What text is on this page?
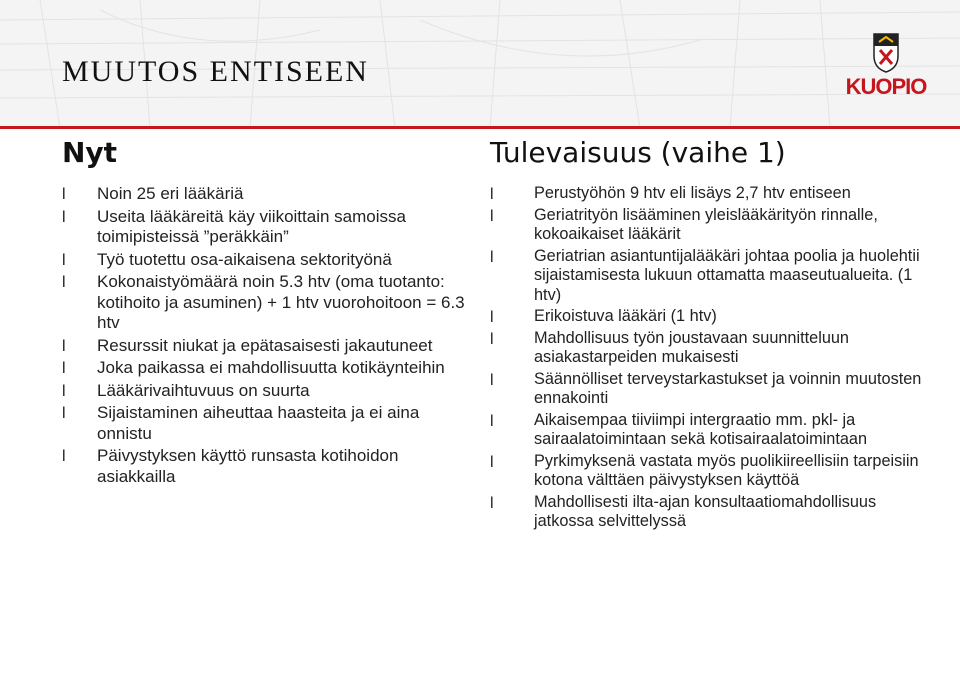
MUUTOS ENTISEEN	KUOPIO
Nyt	Tulevaisuus (vaihe 1)
l Noin 25 eri lääkäriä
l Useita lääkäreitä käy viikoittain samoissa toimipisteissä ”peräkkäin”
l Työ tuotettu osa-aikaisena sektorityönä
l Kokonaistyömäärä noin 5.3 htv (oma tuotanto: kotihoito ja asuminen) + 1 htv vuorohoitoon = 6.3 htv
l Resurssit niukat ja epätasaisesti jakautuneet
l Joka paikassa ei mahdollisuutta kotikäynteihin
l Lääkärivaihtuvuus on suurta
l Sijaistaminen aiheuttaa haasteita ja ei aina onnistu
l Päivystyksen käyttö runsasta kotihoidon asiakkailla
l Perustyöhön 9 htv eli lisäys 2,7 htv entiseen
l Geriatrityön lisääminen yleislääkärityön rinnalle, kokoaikaiset lääkärit
l Geriatrian asiantuntijalääkäri johtaa poolia ja huolehtii sijaistamisesta lukuun ottamatta maaseutualueita. (1 htv)
l Erikoistuva lääkäri (1 htv)
l Mahdollisuus työn joustavaan suunnitteluun asiakastarpeiden mukaisesti
l Säännölliset terveystarkastukset ja voinnin muutosten ennakointi
l Aikaisempaa tiiviimpi intergraatio mm. pkl- ja sairaalatoimintaan sekä kotisairaalatoimintaan
l Pyrkimyksenä vastata myös puolikiireellisiin tarpeisiin kotona välttäen päivystyksen käyttöä
l Mahdollisesti ilta-ajan konsultaatiomahdollisuus jatkossa selvittelyssä
